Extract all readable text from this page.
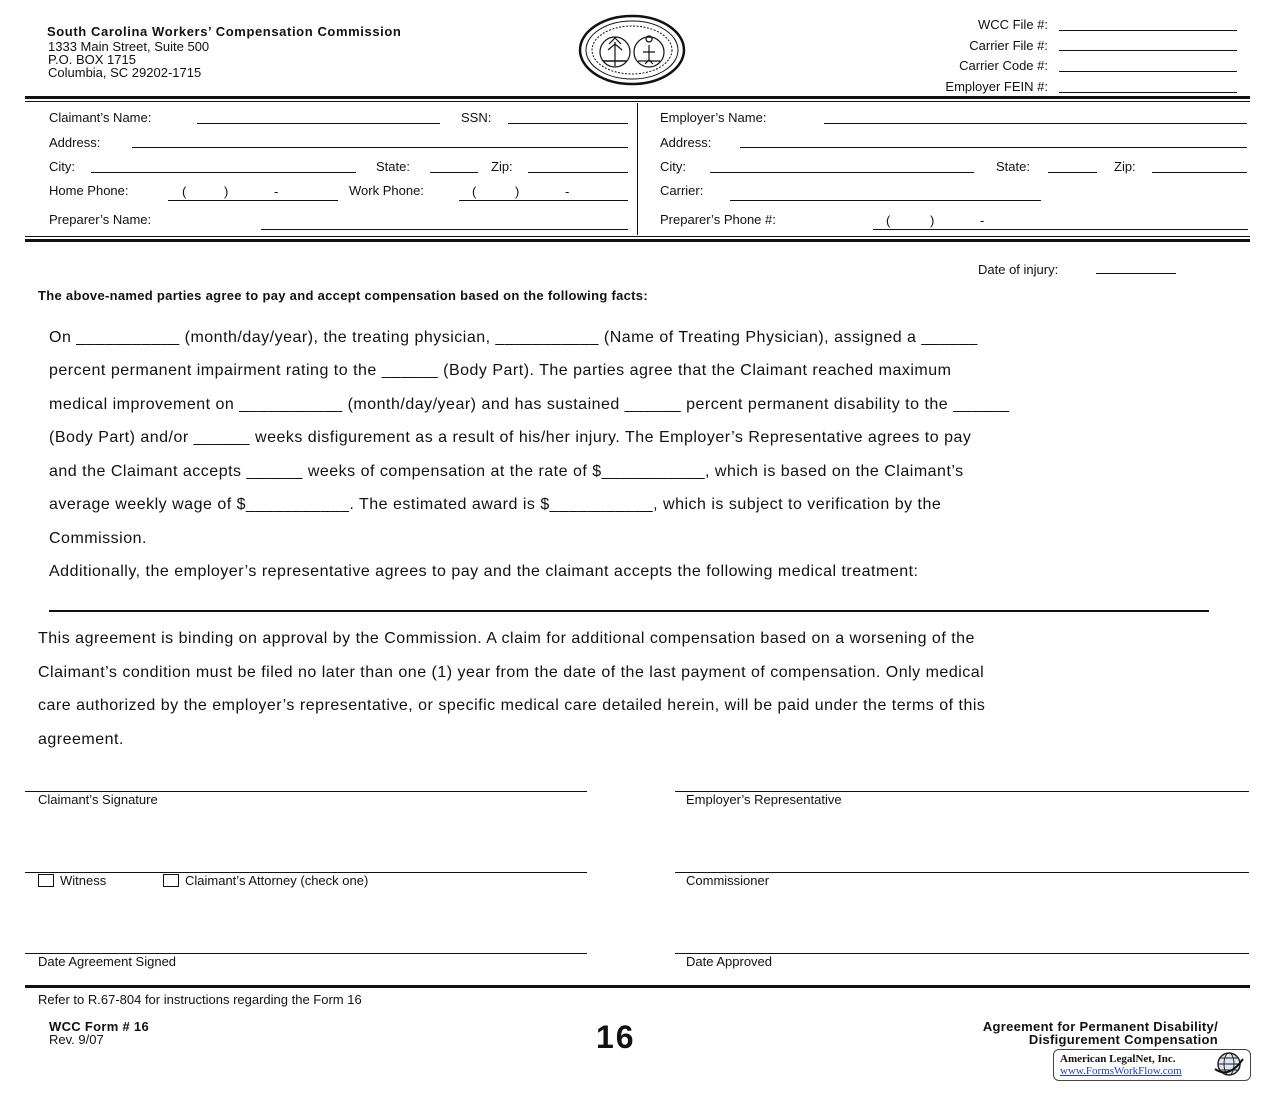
South Carolina Workers’ Compensation Commission
1333 Main Street, Suite 500
P.O. BOX 1715
Columbia, SC 29202-1715
WCC File #:
Carrier File #:
Carrier Code #:
Employer FEIN #:
Claimant’s Name:	SSN:
Address:
City:	State:	Zip:
Home Phone:	(	)	-	Work Phone:	(	)	-
Preparer’s Name:
Employer’s Name:
Address:
City:	State:	Zip:
Carrier:
Preparer’s Phone #:	(	)	-
Date of injury:
The above-named parties agree to pay and accept compensation based on the following facts:
On ___________ (month/day/year), the treating physician, ___________ (Name of Treating Physician), assigned a ______
percent permanent impairment rating to the ______ (Body Part). The parties agree that the Claimant reached maximum
medical improvement on ___________ (month/day/year) and has sustained ______ percent permanent disability to the ______
(Body Part) and/or ______ weeks disfigurement as a result of his/her injury. The Employer’s Representative agrees to pay
and the Claimant accepts ______ weeks of compensation at the rate of $___________, which is based on the Claimant’s
average weekly wage of $___________. The estimated award is $___________, which is subject to verification by the
Commission.
Additionally, the employer’s representative agrees to pay and the claimant accepts the following medical treatment:
This agreement is binding on approval by the Commission. A claim for additional compensation based on a worsening of the
Claimant’s condition must be filed no later than one (1) year from the date of the last payment of compensation. Only medical
care authorized by the employer’s representative, or specific medical care detailed herein, will be paid under the terms of this
agreement.
Claimant’s Signature	Employer’s Representative
Witness	Claimant’s Attorney (check one)	Commissioner
Date Agreement Signed	Date Approved
Refer to R.67-804 for instructions regarding the Form 16
WCC Form # 16
Rev. 9/07	16	Agreement for Permanent Disability/
Disfigurement Compensation
American LegalNet, Inc.
www.FormsWorkFlow.com
